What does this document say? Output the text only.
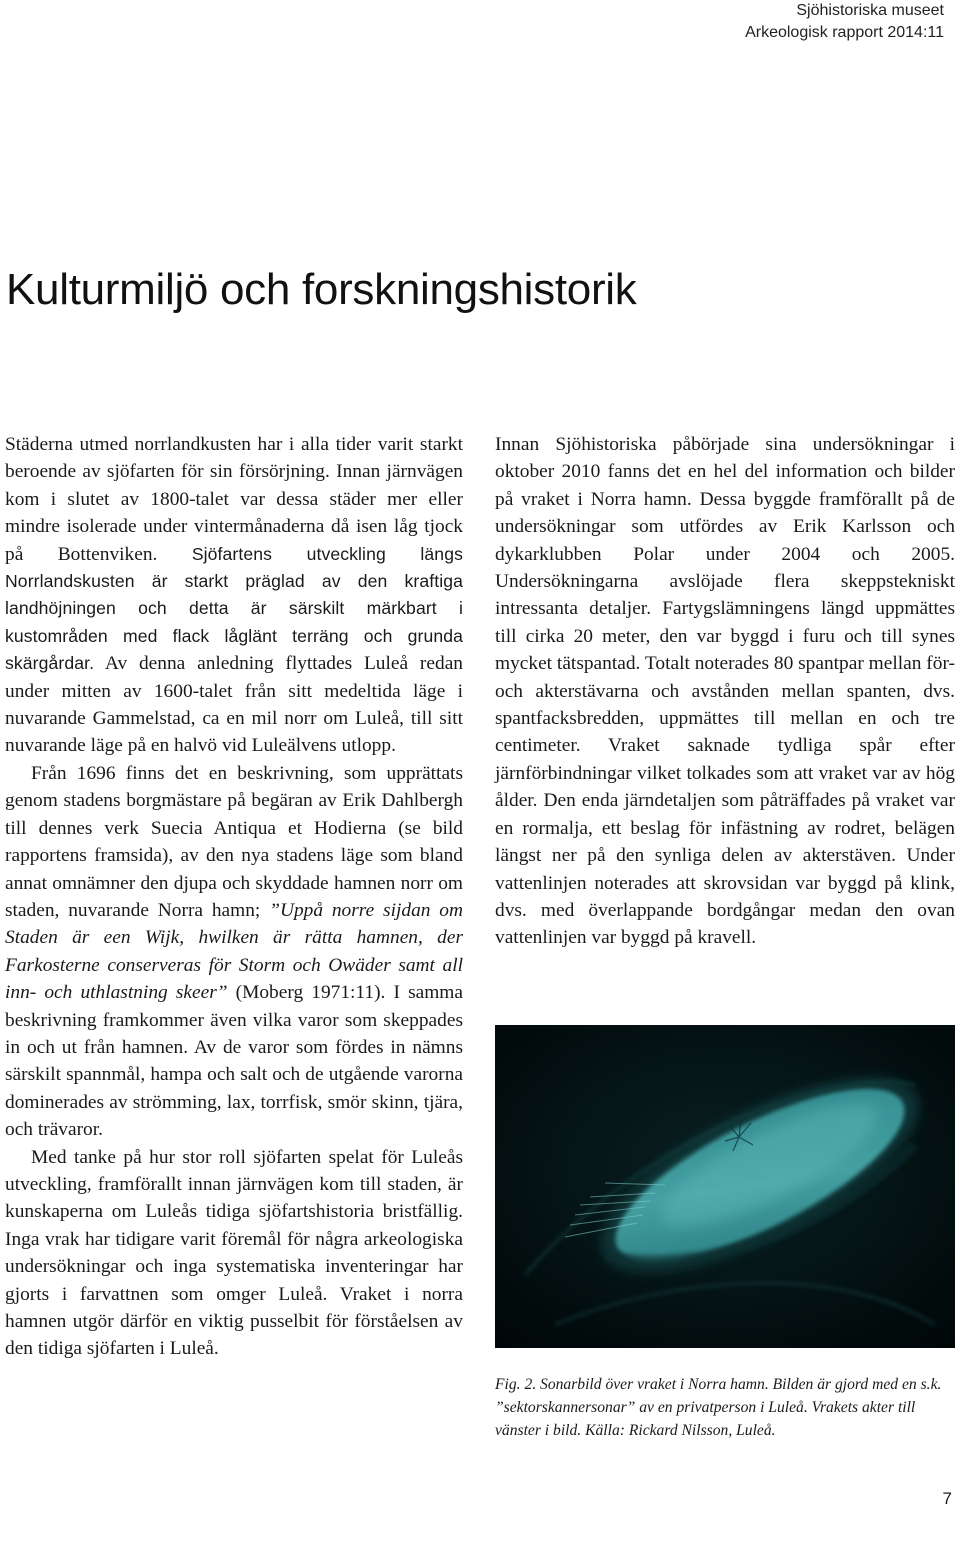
Sjöhistoriska museet
Arkeologisk rapport 2014:11
Kulturmiljö och forskningshistorik

Städerna utmed norrlandkusten har i alla tider varit starkt beroende av sjöfarten för sin försörjning. Innan järnvägen kom i slutet av 1800-talet var dessa städer mer eller mindre isolerade under vintermånaderna då isen låg tjock på Bottenviken. Sjöfartens utveckling längs Norrlandskusten är starkt präglad av den kraftiga landhöjningen och detta är särskilt märkbart i kustområden med flack låglänt terräng och grunda skärgårdar. Av denna anledning flyttades Luleå redan under mitten av 1600-talet från sitt medeltida läge i nuvarande Gammelstad, ca en mil norr om Luleå, till sitt nuvarande läge på en halvö vid Luleälvens utlopp.

Från 1696 finns det en beskrivning, som upprättats genom stadens borgmästare på begäran av Erik Dahlbergh till dennes verk Suecia Antiqua et Hodierna (se bild rapportens framsida), av den nya stadens läge som bland annat omnämner den djupa och skyddade hamnen norr om staden, nuvarande Norra hamn; ”Uppå norre sijdan om Staden är een Wijk, hwilken är rätta hamnen, der Farkosterne conserveras för Storm och Owäder samt all inn- och uthlastning skeer” (Moberg 1971:11). I samma beskrivning framkommer även vilka varor som skeppades in och ut från hamnen. Av de varor som fördes in nämns särskilt spannmål, hampa och salt och de utgående varorna dominerades av strömming, lax, torrfisk, smör skinn, tjära, och trävaror.

Med tanke på hur stor roll sjöfarten spelat för Luleås utveckling, framförallt innan järnvägen kom till staden, är kunskaperna om Luleås tidiga sjöfartshistoria bristfällig. Inga vrak har tidigare varit föremål för några arkeologiska undersökningar och inga systematiska inventeringar har gjorts i farvattnen som omger Luleå. Vraket i norra hamnen utgör därför en viktig pusselbit för förståelsen av den tidiga sjöfarten i Luleå.

Innan Sjöhistoriska påbörjade sina undersökningar i oktober 2010 fanns det en hel del information och bilder på vraket i Norra hamn. Dessa byggde framförallt på de undersökningar som utfördes av Erik Karlsson och dykarklubben Polar under 2004 och 2005. Undersökningarna avslöjade flera skeppstekniskt intressanta detaljer. Fartygslämningens längd uppmättes till cirka 20 meter, den var byggd i furu och till synes mycket tätspantad. Totalt noterades 80 spantpar mellan för- och akterstävarna och avstånden mellan spanten, dvs. spantfacksbredden, uppmättes till mellan en och tre centimeter. Vraket saknade tydliga spår efter järnförbindningar vilket tolkades som att vraket var av hög ålder. Den enda järndetaljen som påträffades på vraket var en rormalja, ett beslag för infästning av rodret, belägen längst ner på den synliga delen av akterstäven. Under vattenlinjen noterades att skrovsidan var byggd på klink, dvs. med överlappande bordgångar medan den ovan vattenlinjen var byggd på kravell.

Fig. 2. Sonarbild över vraket i Norra hamn. Bilden är gjord med en s.k. ”sektorskannersonar” av en privatperson i Luleå. Vrakets akter till vänster i bild. Källa: Rickard Nilsson, Luleå.
7
